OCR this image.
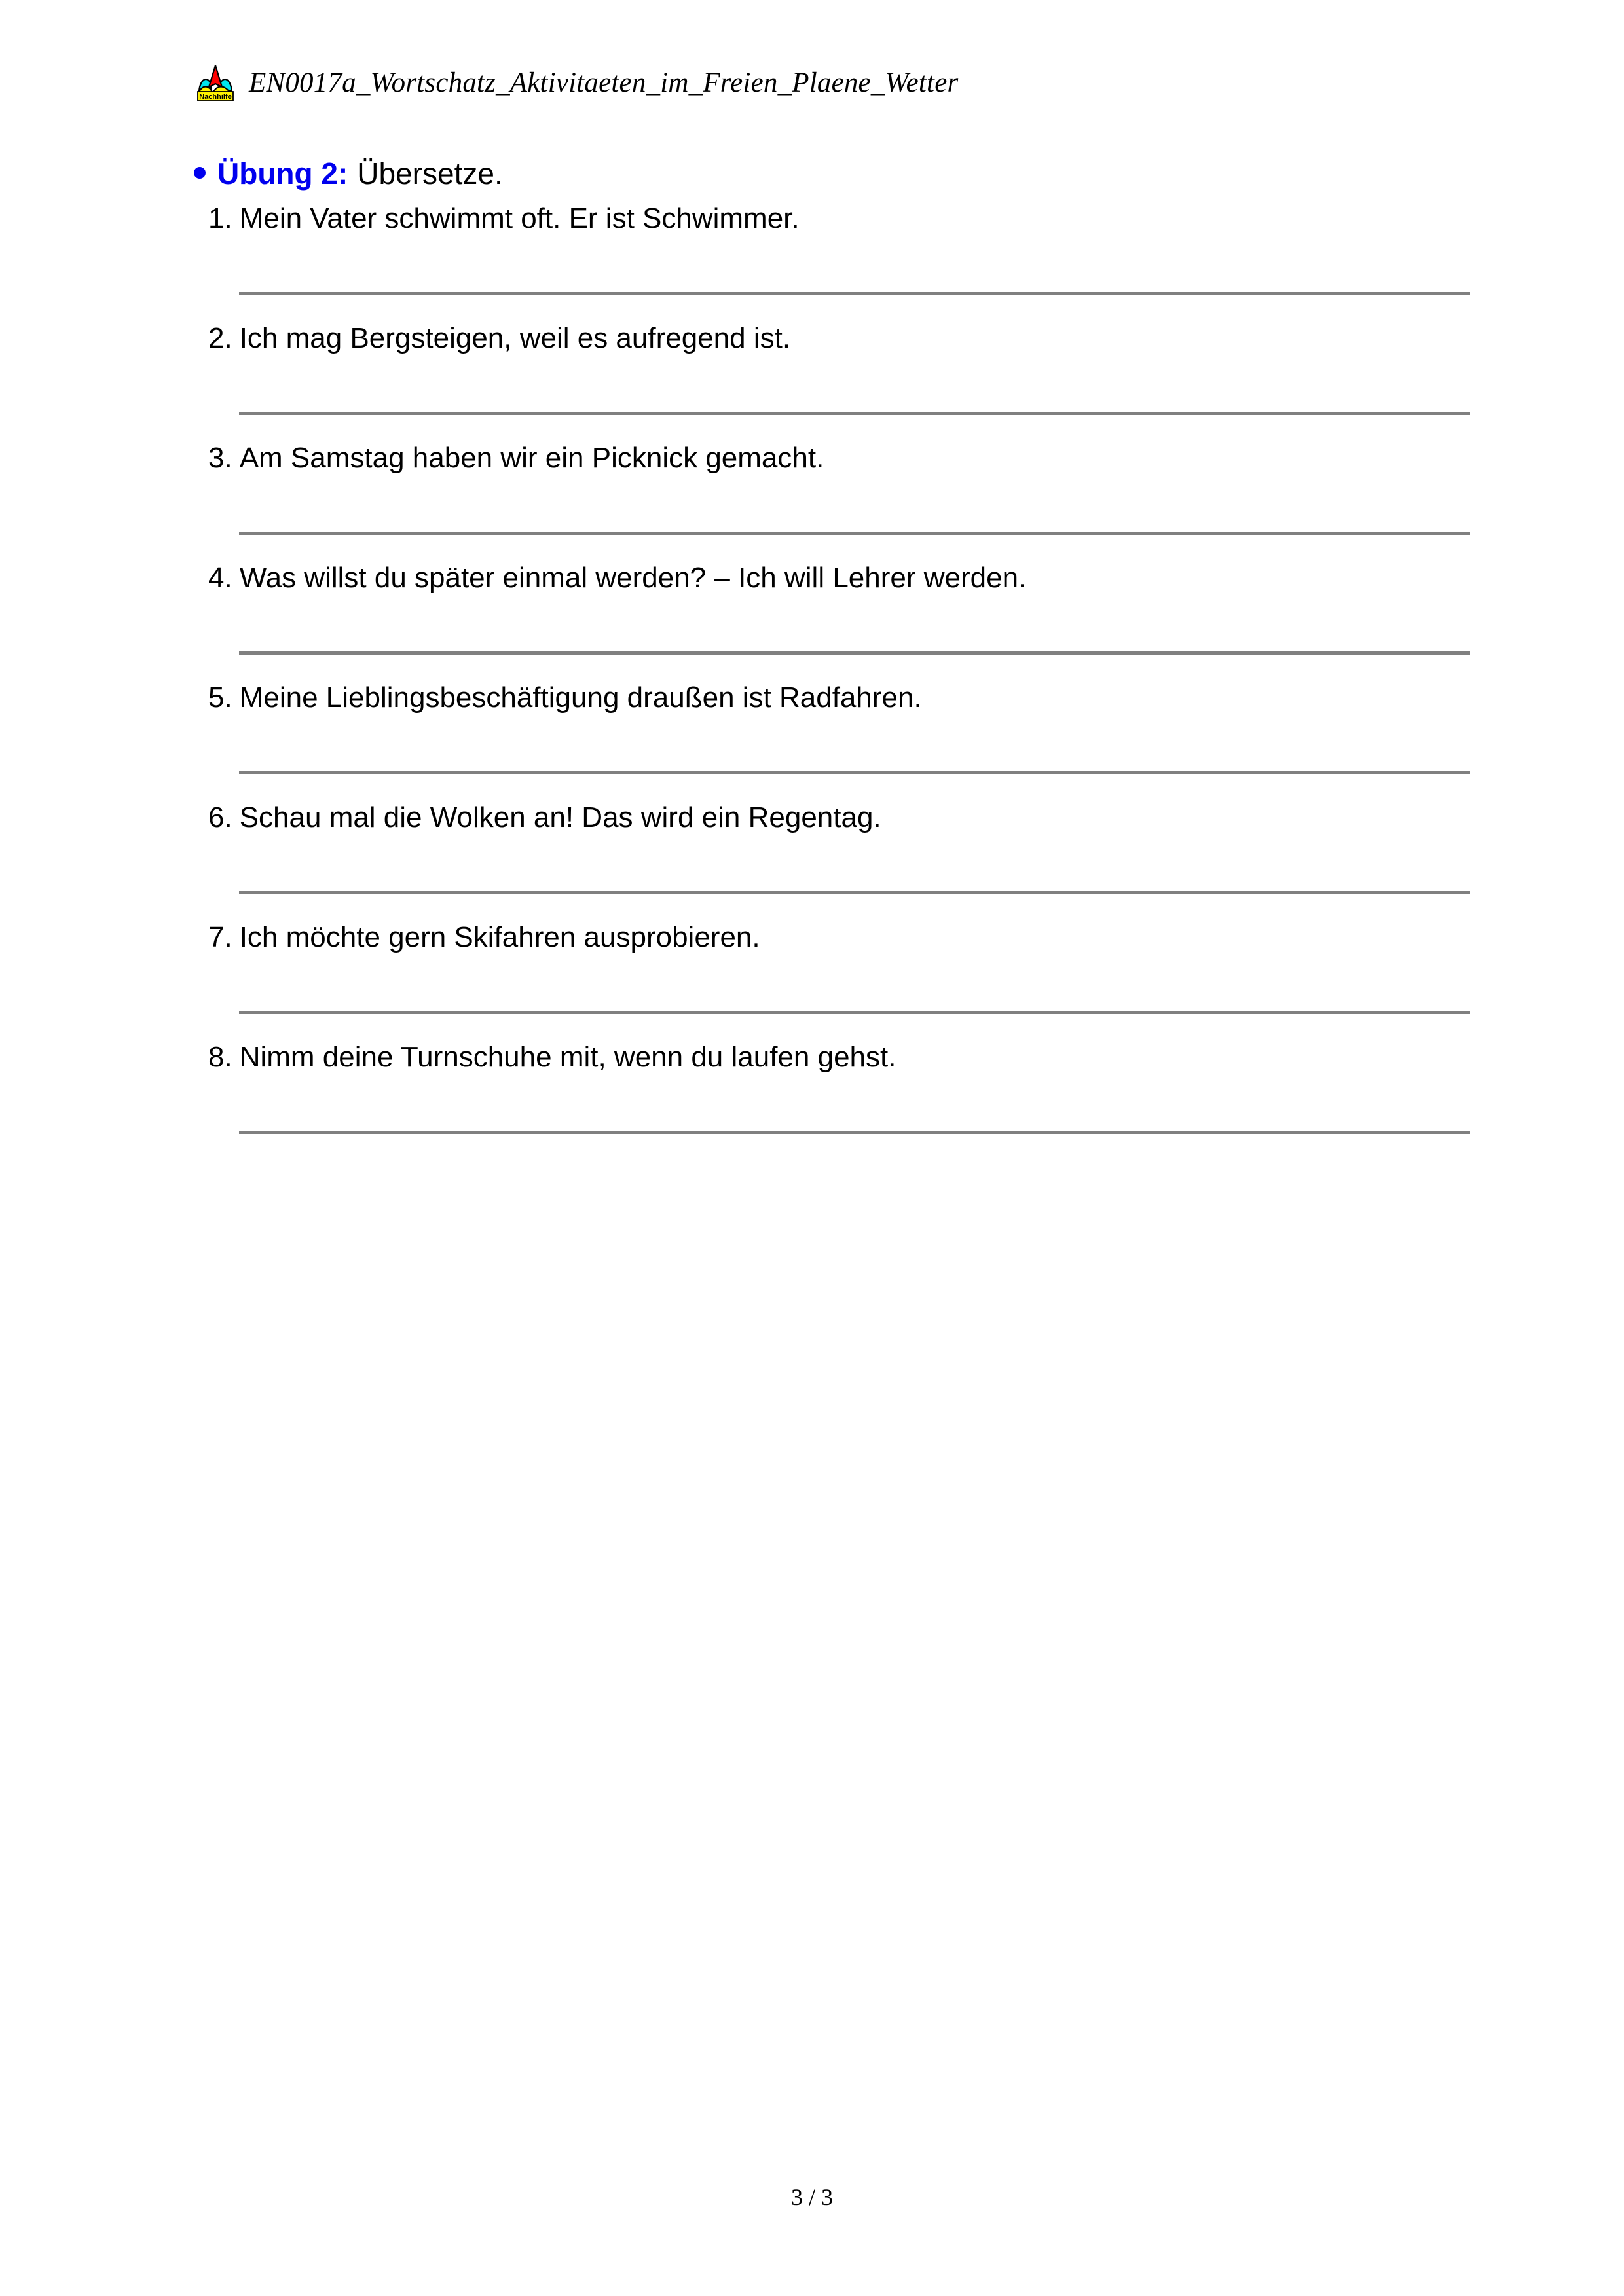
Nachhilfe EN0017a_Wortschatz_Aktivitaeten_im_Freien_Plaene_Wetter
Übung 2: Übersetze.
1. Mein Vater schwimmt oft. Er ist Schwimmer.
2. Ich mag Bergsteigen, weil es aufregend ist.
3. Am Samstag haben wir ein Picknick gemacht.
4. Was willst du später einmal werden? – Ich will Lehrer werden.
5. Meine Lieblingsbeschäftigung draußen ist Radfahren.
6. Schau mal die Wolken an! Das wird ein Regentag.
7. Ich möchte gern Skifahren ausprobieren.
8. Nimm deine Turnschuhe mit, wenn du laufen gehst.
3 / 3
